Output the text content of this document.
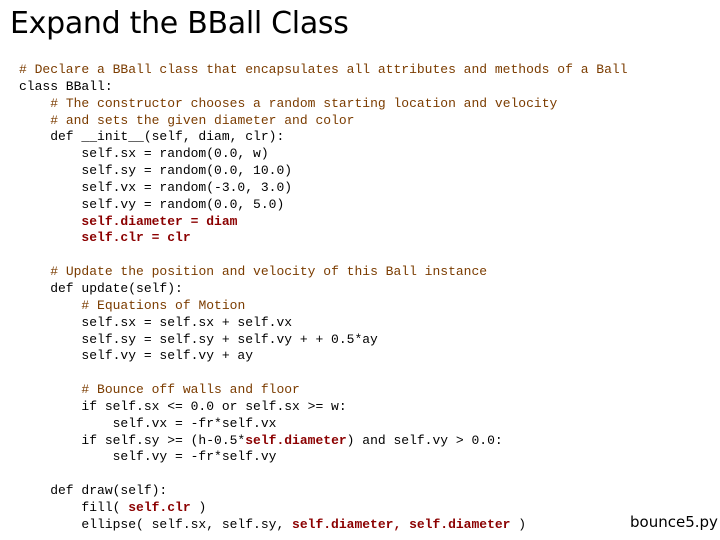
Expand the BBall Class
# Declare a BBall class that encapsulates all attributes and methods of a Ball
class BBall:
# The constructor chooses a random starting location and velocity
# and sets the given diameter and color
def __init__(self, diam, clr):
self.sx = random(0.0, w)
self.sy = random(0.0, 10.0)
self.vx = random(-3.0, 3.0)
self.vy = random(0.0, 5.0)
self.diameter = diam
self.clr = clr
# Update the position and velocity of this Ball instance
def update(self):
# Equations of Motion
self.sx = self.sx + self.vx
self.sy = self.sy + self.vy + + 0.5*ay
self.vy = self.vy + ay
# Bounce off walls and floor
if self.sx <= 0.0 or self.sx >= w:
self.vx = -fr*self.vx
if self.sy >= (h-0.5*self.diameter) and self.vy > 0.0:
self.vy = -fr*self.vy
def draw(self):
fill( self.clr )
ellipse( self.sx, self.sy, self.diameter, self.diameter )	bounce5.py
